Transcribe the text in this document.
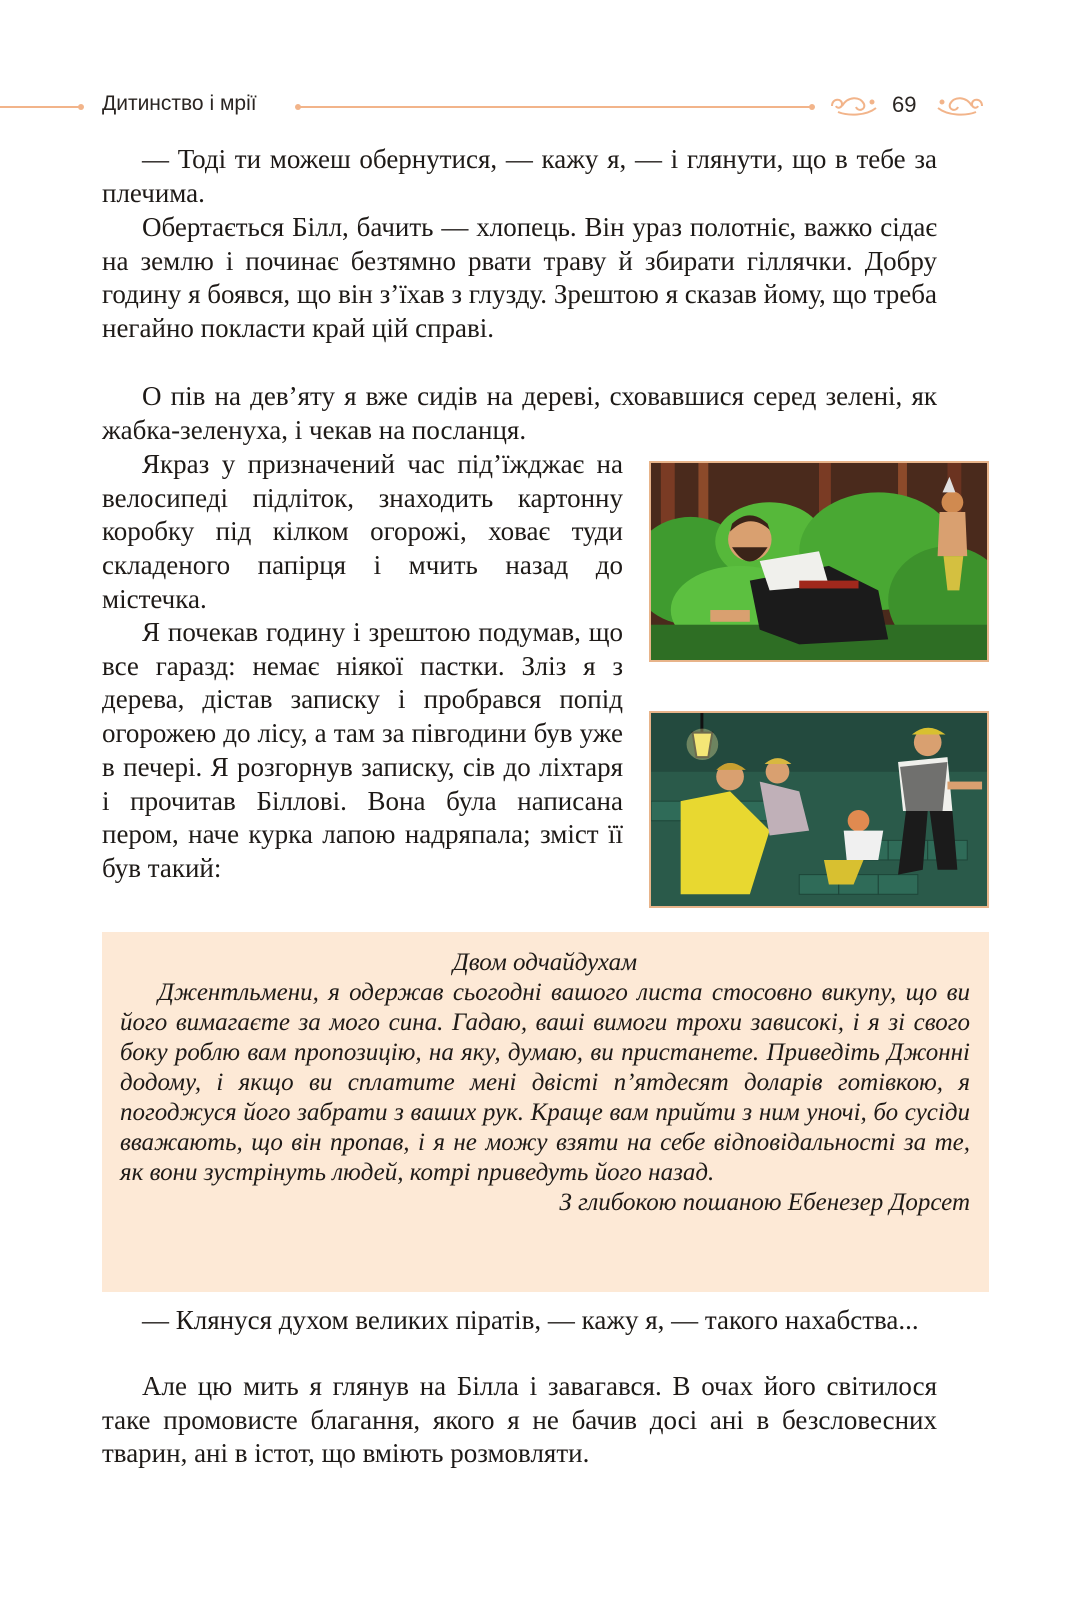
Дитинство і мрії	69

— Тоді ти можеш обернутися, — кажу я, — і глянути, що в тебе за плечима.

Обертається Білл, бачить — хлопець. Він ураз полотніє, важко сідає на землю і починає безтямно рвати траву й збирати гіллячки. Добру годину я боявся, що він з’їхав з глузду. Зрештою я сказав йому, що треба негайно покласти край цій справі.

О пів на дев’яту я вже сидів на дереві, сховавшися серед зелені, як жабка-зеленуха, і чекав на посланця.

Якраз у призначений час під’їжджає на велосипеді підліток, знаходить картонну коробку під кілком огорожі, ховає туди складеного папірця і мчить назад до містечка.

Я почекав годину і зрештою подумав, що все гаразд: немає ніякої пастки. Зліз я з дерева, дістав записку і пробрався попід огорожею до лісу, а там за півгодини був уже в печері. Я розгорнув записку, сів до ліхтаря і прочитав Біллові. Вона була написана пером, наче курка лапою надряпала; зміст її був такий:

Двом одчайдухам
Джентльмени, я одержав сьогодні вашого листа стосовно викупу, що ви його вимагаєте за мого сина. Гадаю, ваші вимоги трохи зависокі, і я зі свого боку роблю вам пропозицію, на яку, думаю, ви пристанете. Приведіть Джонні додому, і якщо ви сплатите мені двісті п’ятдесят доларів готівкою, я погоджуся його забрати з ваших рук. Краще вам прийти з ним уночі, бо сусіди вважають, що він пропав, і я не можу взяти на себе відповідальності за те, як вони зустрінуть людей, котрі приведуть його назад.
З глибокою пошаною Ебенезер Дорсет

— Клянуся духом великих піратів, — кажу я, — такого нахабства...

Але цю мить я глянув на Білла і завагався. В очах його світилося таке промовисте благання, якого я не бачив досі ані в безсловесних тварин, ані в істот, що вміють розмовляти.
